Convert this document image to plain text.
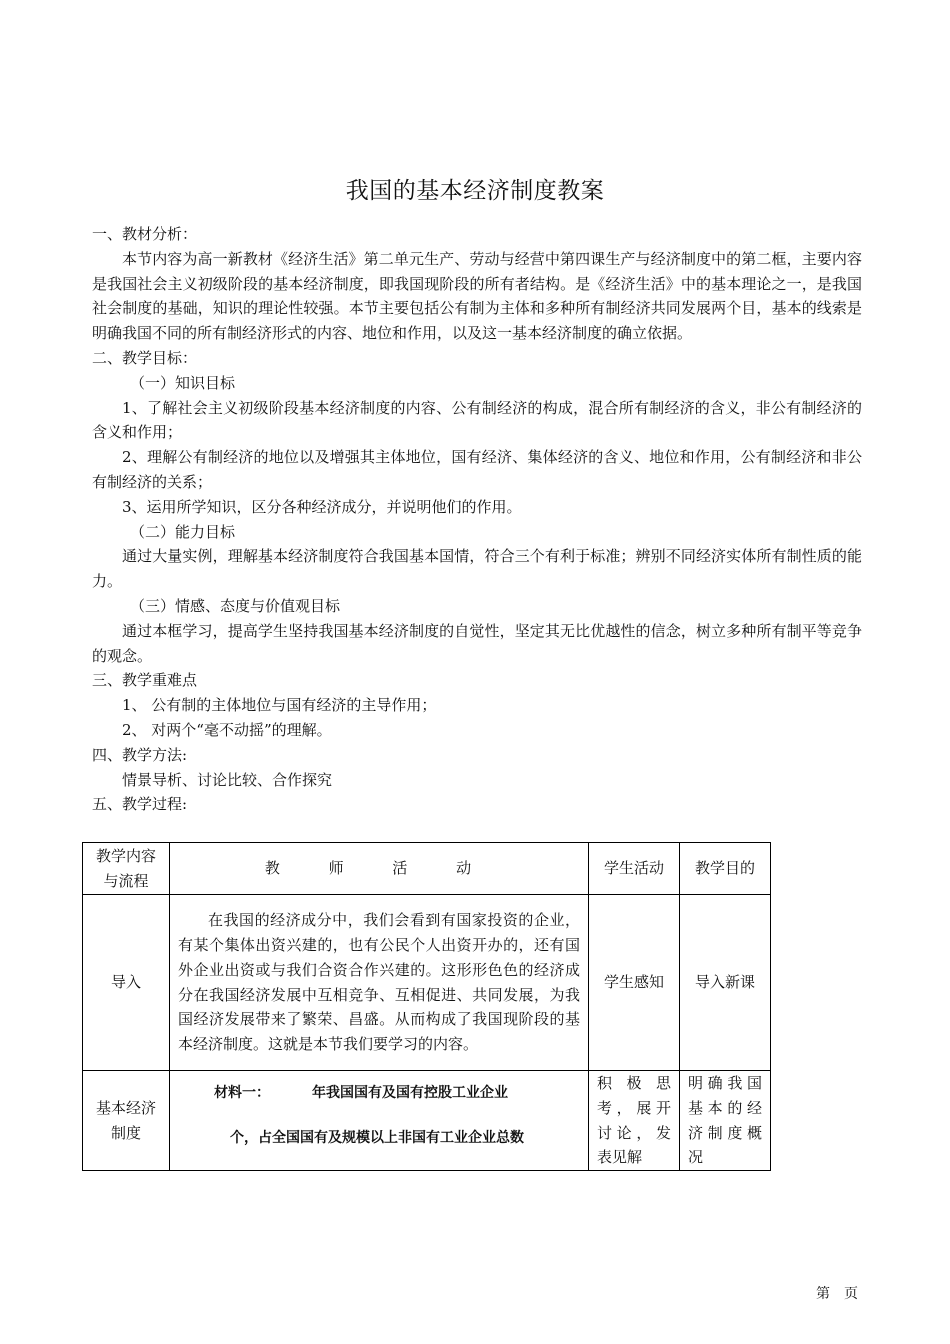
我国的基本经济制度教案

一、教材分析：

本节内容为高一新教材《经济生活》第二单元生产、劳动与经营中第四课生产与经济制度中的第二框，主要内容是我国社会主义初级阶段的基本经济制度，即我国现阶段的所有者结构。是《经济生活》中的基本理论之一，是我国社会制度的基础，知识的理论性较强。本节主要包括公有制为主体和多种所有制经济共同发展两个目，基本的线索是明确我国不同的所有制经济形式的内容、地位和作用，以及这一基本经济制度的确立依据。

二、教学目标：

（一）知识目标

1、了解社会主义初级阶段基本经济制度的内容、公有制经济的构成，混合所有制经济的含义，非公有制经济的含义和作用；

2、理解公有制经济的地位以及增强其主体地位，国有经济、集体经济的含义、地位和作用，公有制经济和非公有制经济的关系；

3、运用所学知识，区分各种经济成分，并说明他们的作用。

（二）能力目标

通过大量实例，理解基本经济制度符合我国基本国情，符合三个有利于标准；辨别不同经济实体所有制性质的能力。

（三）情感、态度与价值观目标

通过本框学习，提高学生坚持我国基本经济制度的自觉性，坚定其无比优越性的信念，树立多种所有制平等竞争的观念。

三、教学重难点

1、 公有制的主体地位与国有经济的主导作用；

2、 对两个“毫不动摇”的理解。

四、教学方法:

情景导析、讨论比较、合作探究

五、教学过程:

教学内容与流程	教 师 活 动	学生活动	教学目的
导入	在我国的经济成分中，我们会看到有国家投资的企业，有某个集体出资兴建的，也有公民个人出资开办的，还有国外企业出资或与我们合资合作兴建的。这形形色色的经济成分在我国经济发展中互相竞争、互相促进、共同发展，为我国经济发展带来了繁荣、昌盛。从而构成了我国现阶段的基本经济制度。这就是本节我们要学习的内容。	学生感知	导入新课
基本经济制度	材料一： 年我国国有及国有控股工业企业
个，占全国国有及规模以上非国有工业企业总数	积极思考，展开讨论，发表见解	明确我国基本的经济制度概况
第 页
